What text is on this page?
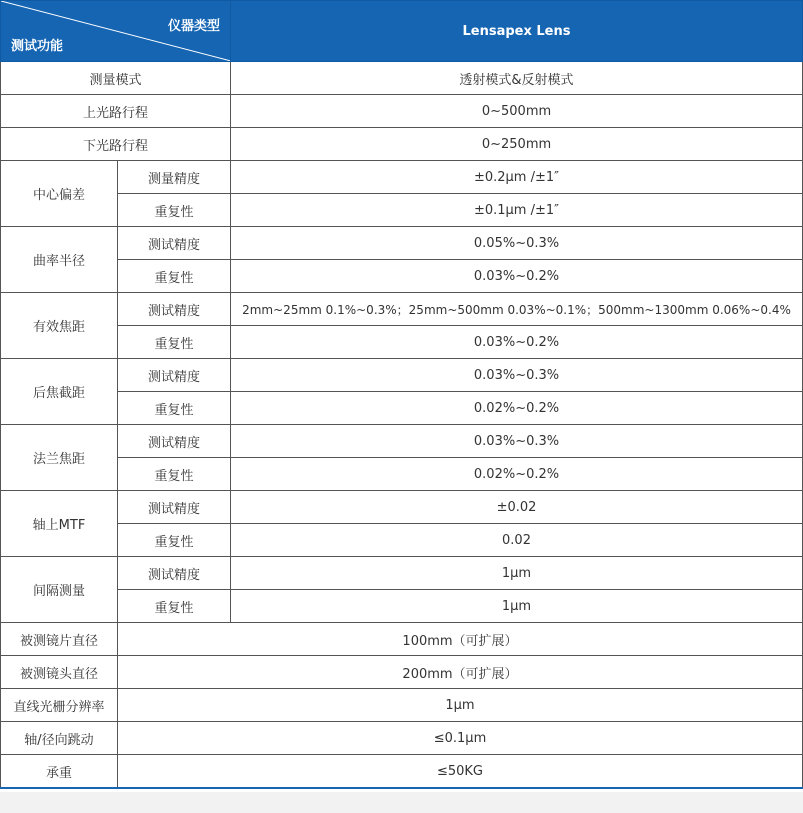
仪器类型
测试功能		Lensapex Lens
测量模式		透射模式&反射模式
上光路行程		0~500mm
下光路行程		0~250mm
中心偏差	测量精度	±0.2μm /±1″
	重复性	±0.1μm /±1″
曲率半径	测试精度	0.05%~0.3%
	重复性	0.03%~0.2%
有效焦距	测试精度	2mm~25mm 0.1%~0.3%；25mm~500mm 0.03%~0.1%；500mm~1300mm 0.06%~0.4%
	重复性	0.03%~0.2%
后焦截距	测试精度	0.03%~0.3%
	重复性	0.02%~0.2%
法兰焦距	测试精度	0.03%~0.3%
	重复性	0.02%~0.2%
轴上MTF	测试精度	±0.02
	重复性	0.02
间隔测量	测试精度	1μm
	重复性	1μm
被测镜片直径	100mm（可扩展）	
被测镜头直径	200mm（可扩展）	
直线光栅分辨率	1μm	
轴/径向跳动	≤0.1μm	
承重	≤50KG	
